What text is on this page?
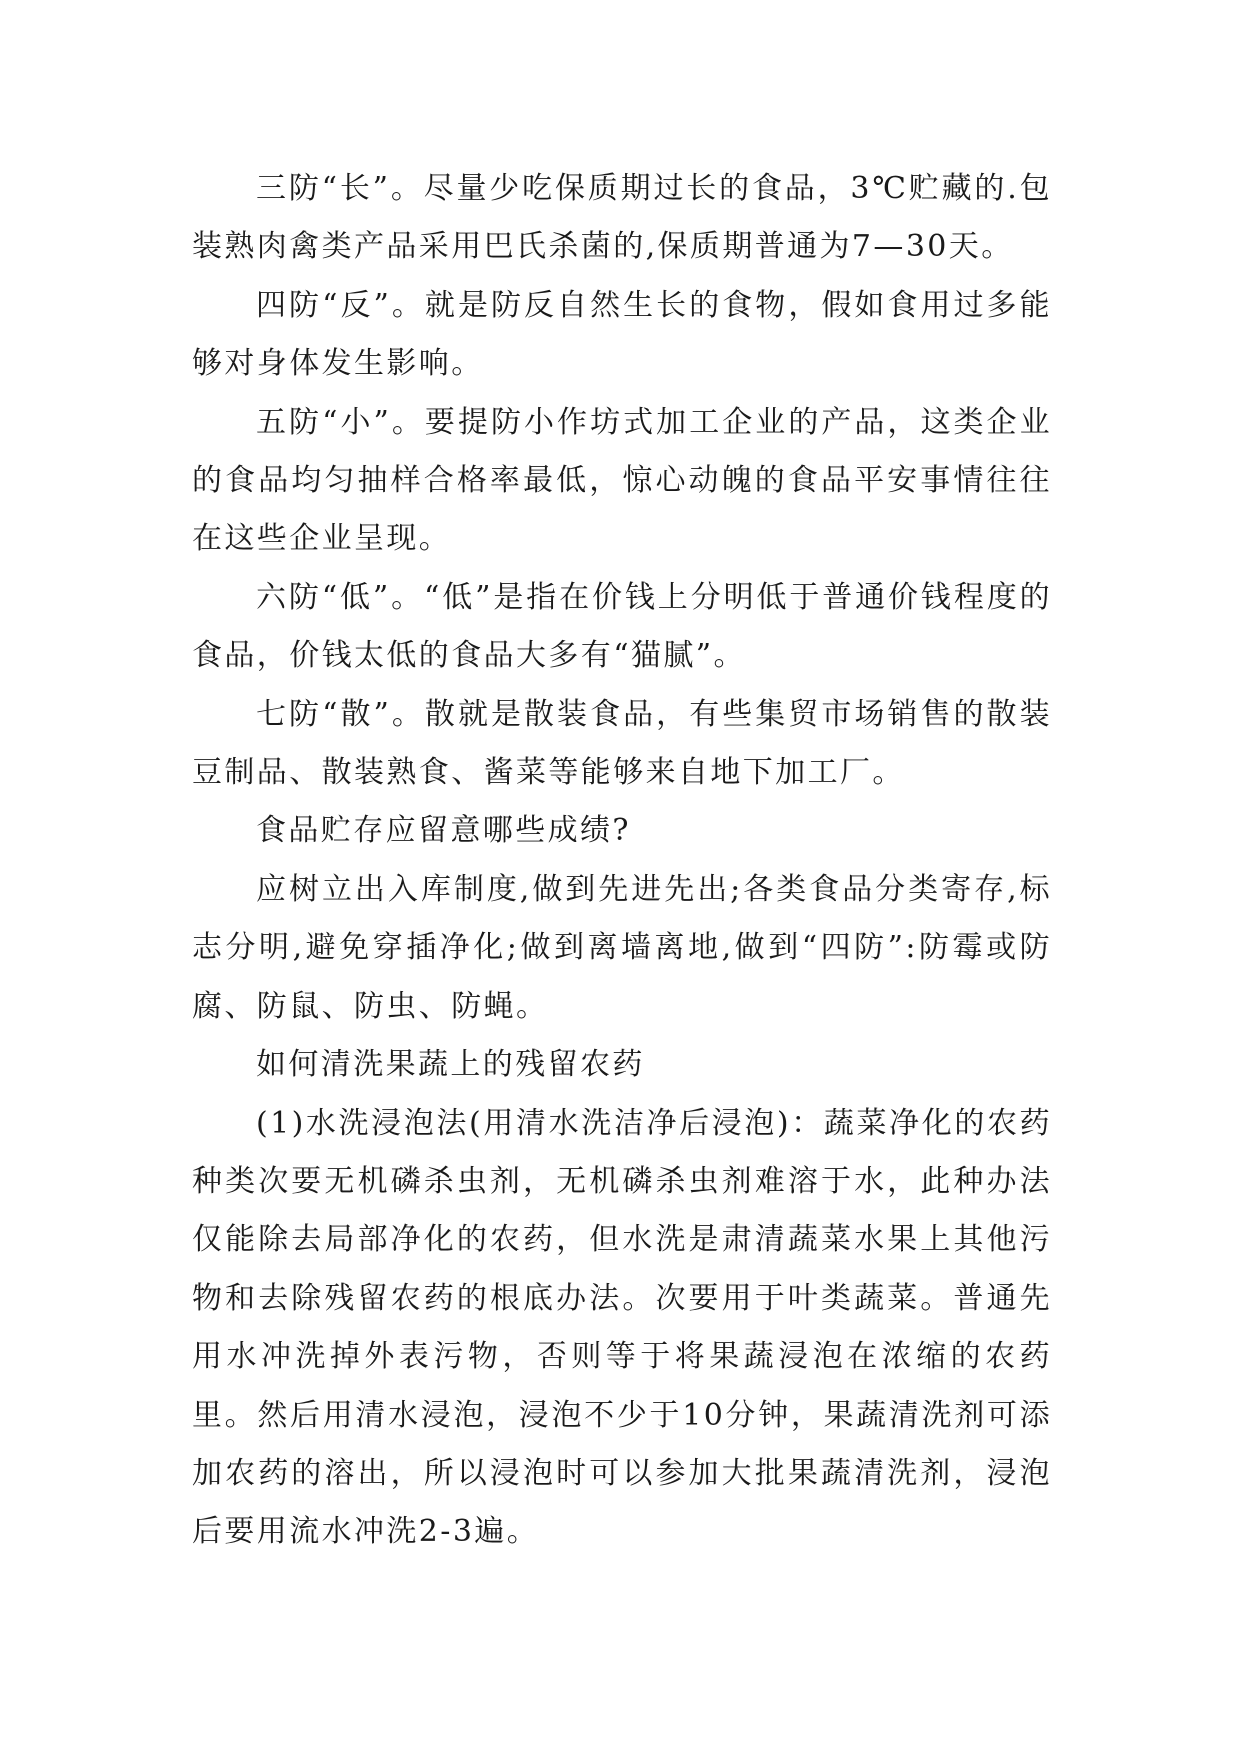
三防“长”。尽量少吃保质期过长的食品，3℃贮藏的.包装熟肉禽类产品采用巴氏杀菌的,保质期普通为7—30天。

四防“反”。就是防反自然生长的食物，假如食用过多能够对身体发生影响。

五防“小”。要提防小作坊式加工企业的产品，这类企业的食品均匀抽样合格率最低，惊心动魄的食品平安事情往往在这些企业呈现。

六防“低”。“低”是指在价钱上分明低于普通价钱程度的食品，价钱太低的食品大多有“猫腻”。

七防“散”。散就是散装食品，有些集贸市场销售的散装豆制品、散装熟食、酱菜等能够来自地下加工厂。

食品贮存应留意哪些成绩?

应树立出入库制度,做到先进先出;各类食品分类寄存,标志分明,避免穿插净化;做到离墙离地,做到“四防”:防霉或防腐、防鼠、防虫、防蝇。

如何清洗果蔬上的残留农药

(1)水洗浸泡法(用清水洗洁净后浸泡)：蔬菜净化的农药种类次要无机磷杀虫剂，无机磷杀虫剂难溶于水，此种办法仅能除去局部净化的农药，但水洗是肃清蔬菜水果上其他污物和去除残留农药的根底办法。次要用于叶类蔬菜。普通先用水冲洗掉外表污物，否则等于将果蔬浸泡在浓缩的农药里。然后用清水浸泡，浸泡不少于10分钟，果蔬清洗剂可添加农药的溶出，所以浸泡时可以参加大批果蔬清洗剂，浸泡后要用流水冲洗2-3遍。
